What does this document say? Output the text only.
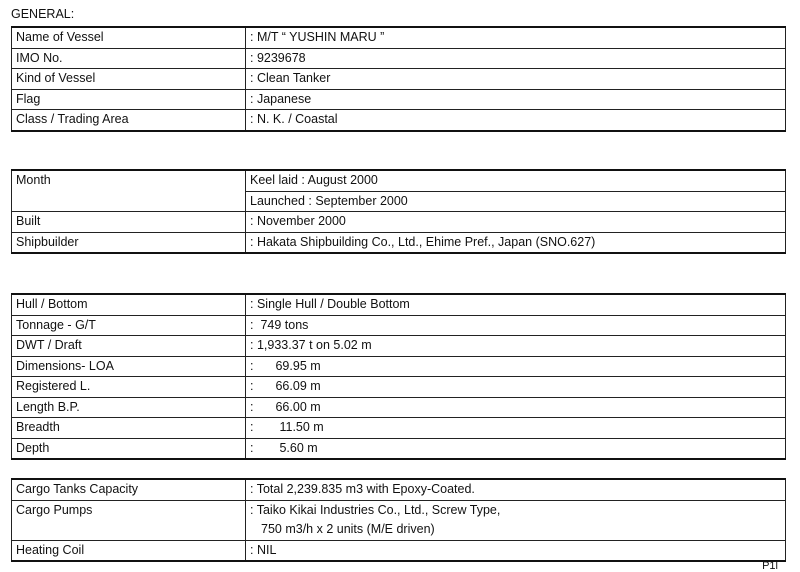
GENERAL:
Name of Vessel	: M/T “ YUSHIN MARU ”
IMO No.	: 9239678
Kind of Vessel	: Clean Tanker
Flag	: Japanese
Class / Trading Area	: N. K. / Coastal
Month	Keel laid : August 2000
	Launched : September 2000
Built	: November 2000
Shipbuilder	: Hakata Shipbuilding Co., Ltd., Ehime Pref., Japan (SNO.627)
Hull / Bottom	: Single Hull / Double Bottom
Tonnage - G/T	: 749 tons
DWT / Draft	: 1,933.37 t on 5.02 m
Dimensions- LOA	: 69.95 m
Registered L.	: 66.09 m
Length B.P.	: 66.00 m
Breadth	: 11.50 m
Depth	: 5.60 m
Cargo Tanks Capacity	: Total 2,239.835 m3 with Epoxy-Coated.
Cargo Pumps	: Taiko Kikai Industries Co., Ltd., Screw Type,
750 m3/h x 2 units (M/E driven)

Heating Coil	: NIL
P1l
